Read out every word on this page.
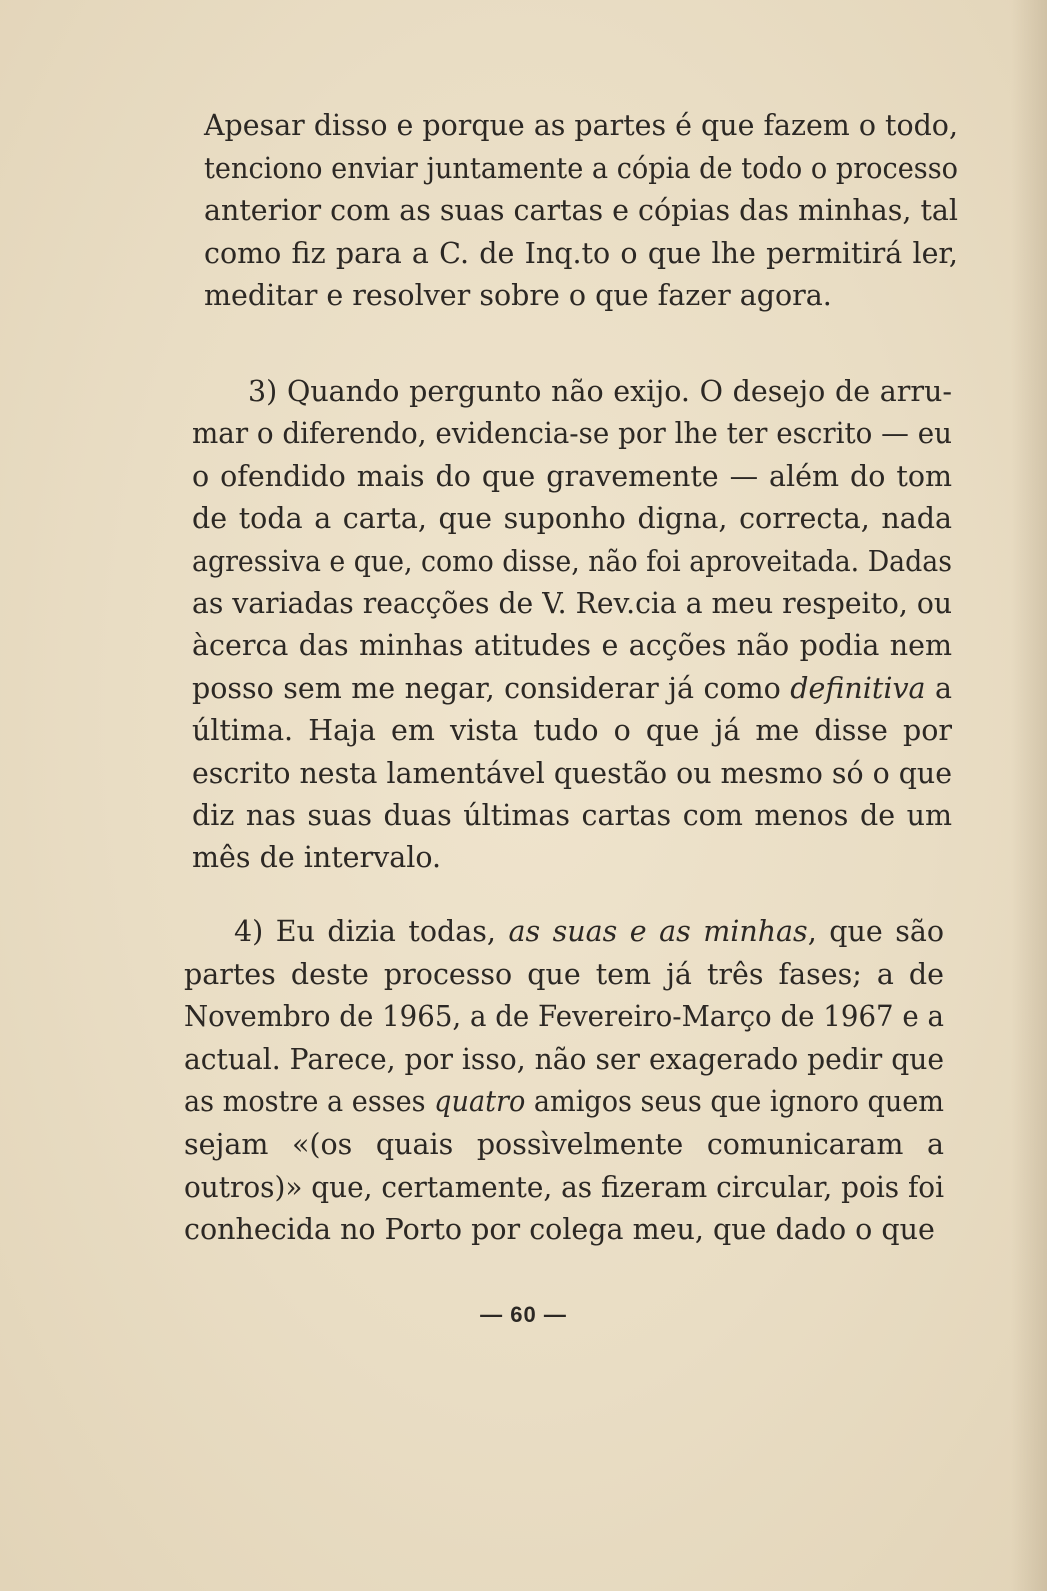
Apesar disso e porque as partes é que fazem o todo,
tenciono enviar juntamente a cópia de todo o processo
anterior com as suas cartas e cópias das minhas, tal
como fiz para a C. de Inq.to o que lhe permitirá ler,
meditar e resolver sobre o que fazer agora.
3) Quando pergunto não exijo. O desejo de arru-
mar o diferendo, evidencia-se por lhe ter escrito — eu
o ofendido mais do que gravemente — além do tom
de toda a carta, que suponho digna, correcta, nada
agressiva e que, como disse, não foi aproveitada. Dadas
as variadas reacções de V. Rev.cia a meu respeito, ou
àcerca das minhas atitudes e acções não podia nem
posso sem me negar, considerar já como definitiva a
última. Haja em vista tudo o que já me disse por
escrito nesta lamentável questão ou mesmo só o que
diz nas suas duas últimas cartas com menos de um
mês de intervalo.
4) Eu dizia todas, as suas e as minhas, que são
partes deste processo que tem já três fases; a de
Novembro de 1965, a de Fevereiro-Março de 1967 e a
actual. Parece, por isso, não ser exagerado pedir que
as mostre a esses quatro amigos seus que ignoro quem
sejam «(os quais possìvelmente comunicaram a
outros)» que, certamente, as fizeram circular, pois foi
conhecida no Porto por colega meu, que dado o que
— 60 —
